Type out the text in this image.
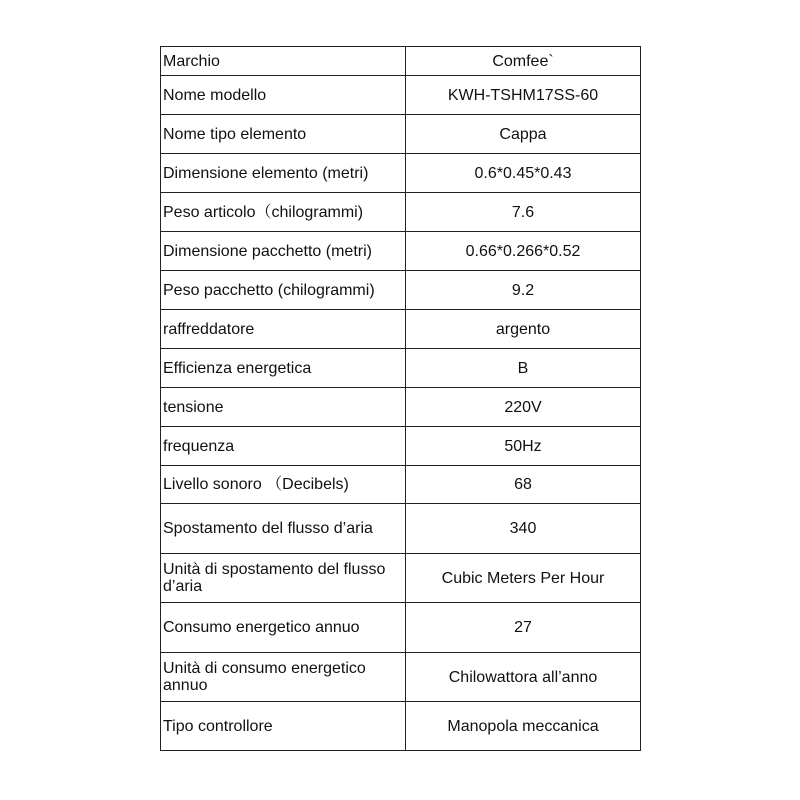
Marchio	Comfee`
Nome modello	KWH-TSHM17SS-60
Nome tipo elemento	Cappa
Dimensione elemento (metri)	0.6*0.45*0.43
Peso articolo（chilogrammi)	7.6
Dimensione pacchetto (metri)	0.66*0.266*0.52
Peso pacchetto (chilogrammi)	9.2
raffreddatore	argento
Efficienza energetica	B
tensione	220V
frequenza	50Hz
Livello sonoro （Decibels)	68
Spostamento del flusso d’aria	340
Unità di spostamento del flusso d’aria	Cubic Meters Per Hour
Consumo energetico annuo	27
Unità di consumo energetico annuo	Chilowattora all’anno
Tipo controllore	Manopola meccanica
